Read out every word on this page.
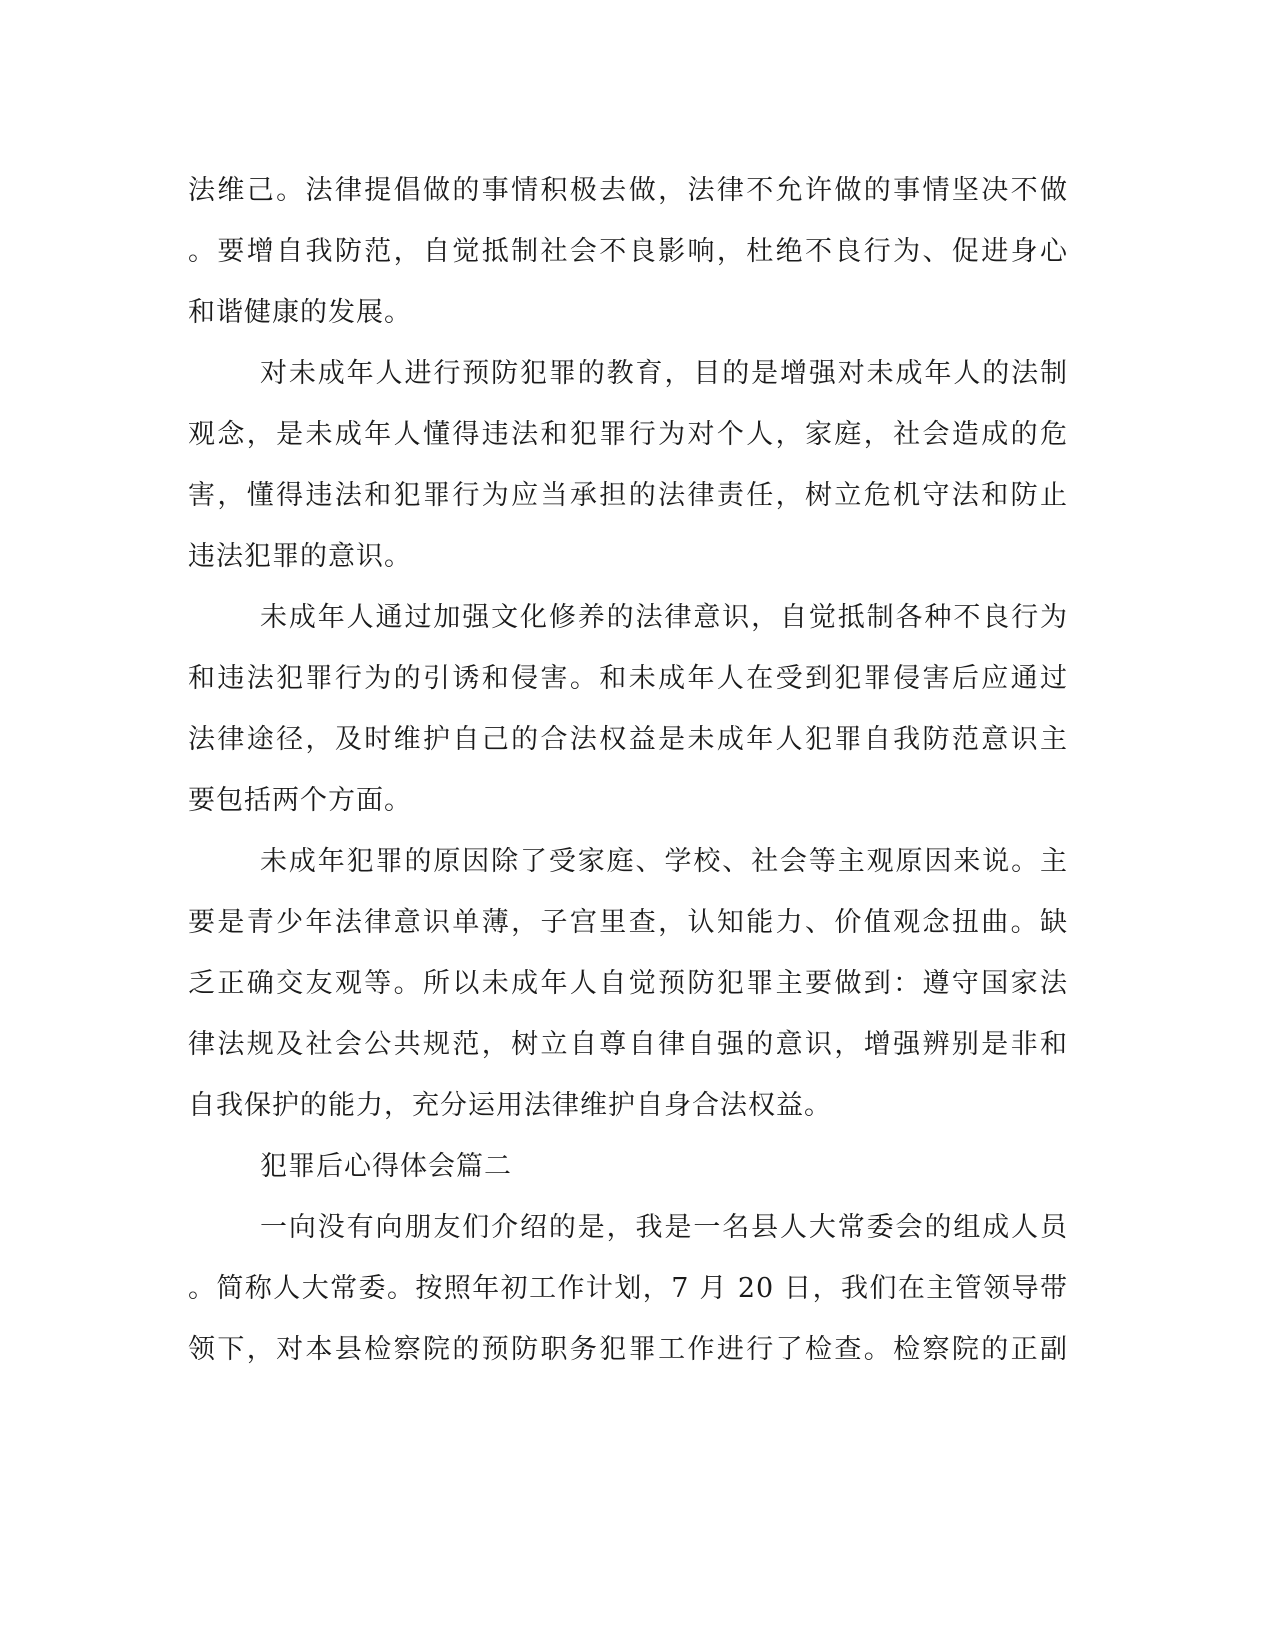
法维己。法律提倡做的事情积极去做，法律不允许做的事情坚决不做
。要增自我防范，自觉抵制社会不良影响，杜绝不良行为、促进身心
和谐健康的发展。
对未成年人进行预防犯罪的教育，目的是增强对未成年人的法制
观念，是未成年人懂得违法和犯罪行为对个人，家庭，社会造成的危
害，懂得违法和犯罪行为应当承担的法律责任，树立危机守法和防止
违法犯罪的意识。
未成年人通过加强文化修养的法律意识，自觉抵制各种不良行为
和违法犯罪行为的引诱和侵害。和未成年人在受到犯罪侵害后应通过
法律途径，及时维护自己的合法权益是未成年人犯罪自我防范意识主
要包括两个方面。
未成年犯罪的原因除了受家庭、学校、社会等主观原因来说。主
要是青少年法律意识单薄，子宫里查，认知能力、价值观念扭曲。缺
乏正确交友观等。所以未成年人自觉预防犯罪主要做到：遵守国家法
律法规及社会公共规范，树立自尊自律自强的意识，增强辨别是非和
自我保护的能力，充分运用法律维护自身合法权益。
犯罪后心得体会篇二
一向没有向朋友们介绍的是，我是一名县人大常委会的组成人员
。简称人大常委。按照年初工作计划，7 月 20 日，我们在主管领导带
领下，对本县检察院的预防职务犯罪工作进行了检查。检察院的正副
